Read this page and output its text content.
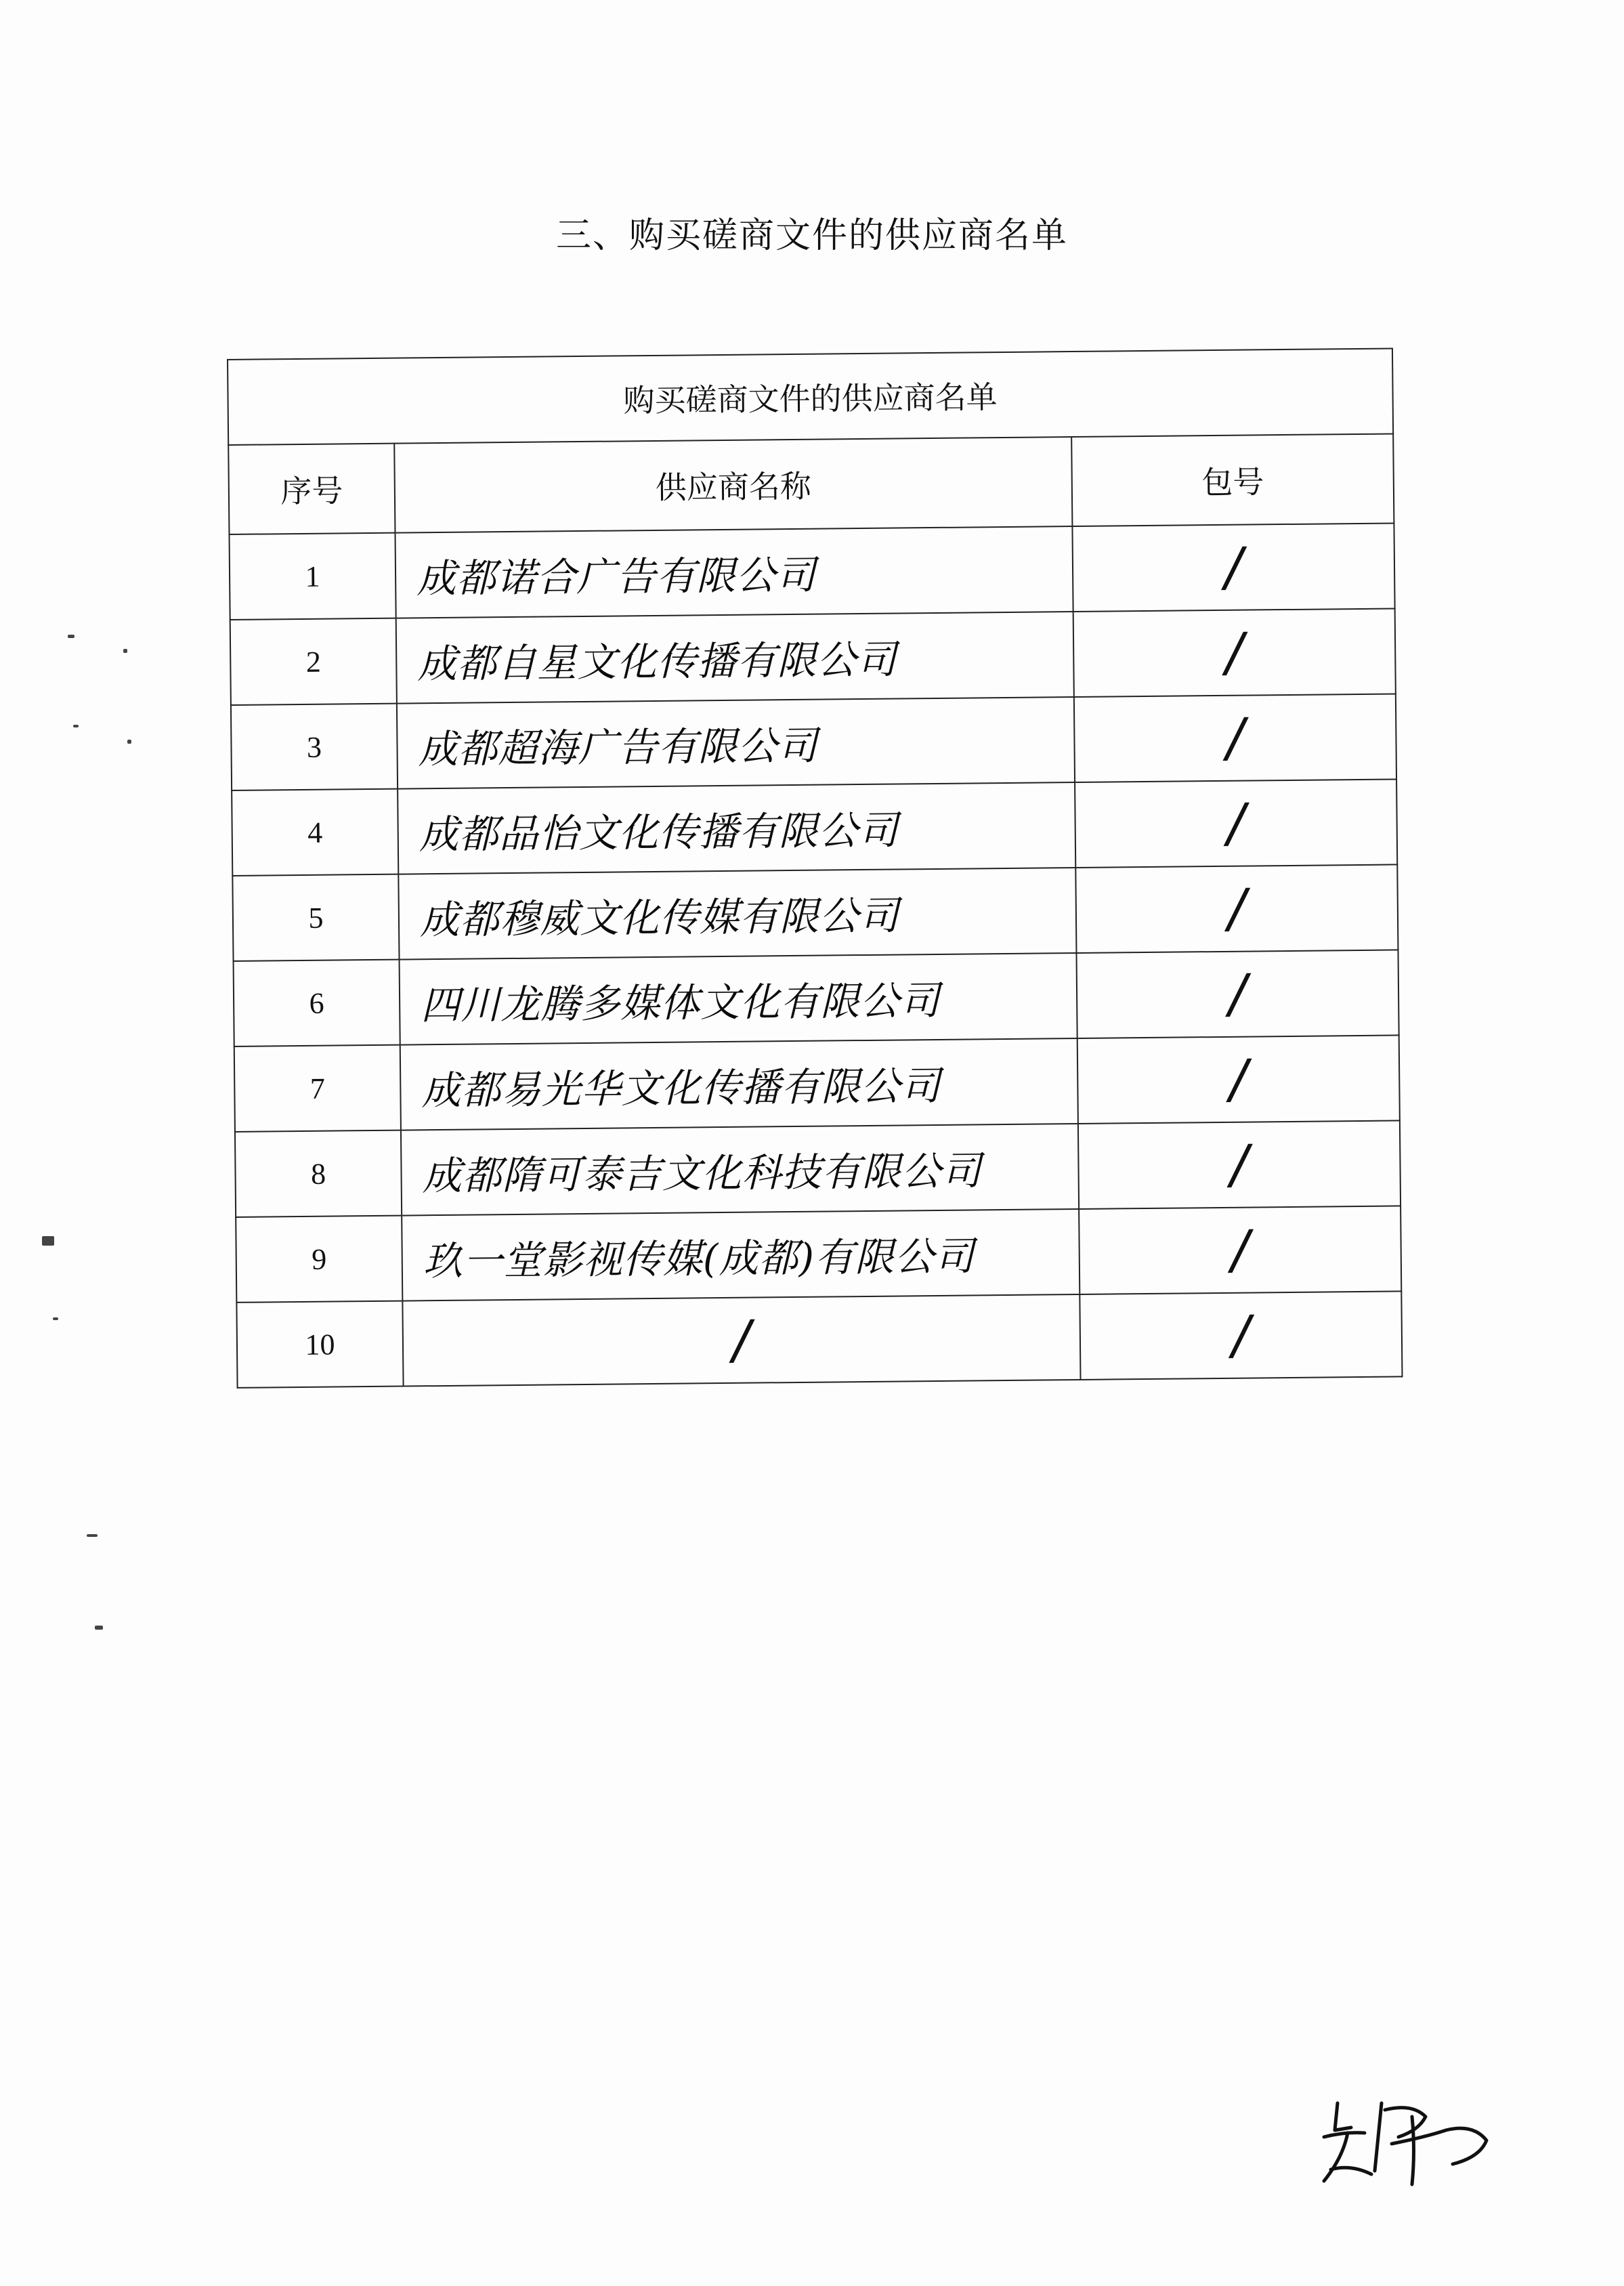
三、购买磋商文件的供应商名单
购买磋商文件的供应商名单		
序号	供应商名称	包号
1	成都诺合广告有限公司	/
2	成都自星文化传播有限公司	/
3	成都超海广告有限公司	/
4	成都品怡文化传播有限公司	/
5	成都穆威文化传媒有限公司	/
6	四川龙腾多媒体文化有限公司	/
7	成都易光华文化传播有限公司	/
8	成都隋可泰吉文化科技有限公司	/
9	玖一堂影视传媒(成都)有限公司	/
10	/	/
